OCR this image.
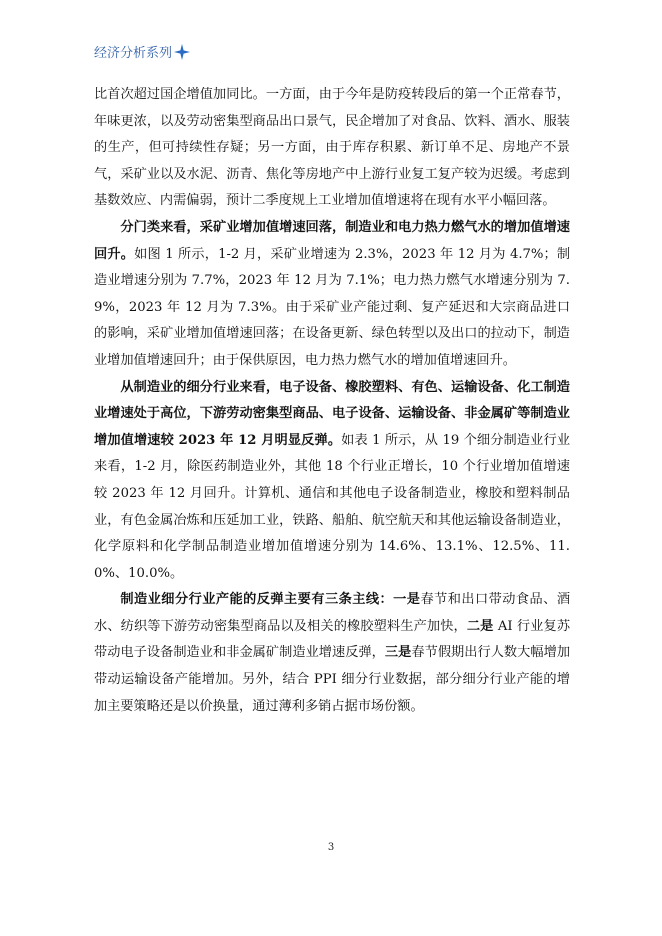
经济分析系列

比首次超过国企增值加同比。一方面，由于今年是防疫转段后的第一个正常春节，年味更浓，以及劳动密集型商品出口景气，民企增加了对食品、饮料、酒水、服装的生产，但可持续性存疑；另一方面，由于库存积累、新订单不足、房地产不景气，采矿业以及水泥、沥青、焦化等房地产中上游行业复工复产较为迟缓。考虑到基数效应、内需偏弱，预计二季度规上工业增加值增速将在现有水平小幅回落。

分门类来看，采矿业增加值增速回落，制造业和电力热力燃气水的增加值增速回升。如图 1 所示，1-2 月，采矿业增速为 2.3%，2023 年 12 月为 4.7%；制造业增速分别为 7.7%，2023 年 12 月为 7.1%；电力热力燃气水增速分别为 7.9%，2023 年 12 月为 7.3%。由于采矿业产能过剩、复产延迟和大宗商品进口的影响，采矿业增加值增速回落；在设备更新、绿色转型以及出口的拉动下，制造业增加值增速回升；由于保供原因，电力热力燃气水的增加值增速回升。

从制造业的细分行业来看，电子设备、橡胶塑料、有色、运输设备、化工制造业增速处于高位，下游劳动密集型商品、电子设备、运输设备、非金属矿等制造业增加值增速较 2023 年 12 月明显反弹。如表 1 所示，从 19 个细分制造业行业来看，1-2 月，除医药制造业外，其他 18 个行业正增长，10 个行业增加值增速较 2023 年 12 月回升。计算机、通信和其他电子设备制造业，橡胶和塑料制品业，有色金属冶炼和压延加工业，铁路、船舶、航空航天和其他运输设备制造业，化学原料和化学制品制造业增加值增速分别为 14.6%、13.1%、12.5%、11.0%、10.0%。

制造业细分行业产能的反弹主要有三条主线：一是春节和出口带动食品、酒水、纺织等下游劳动密集型商品以及相关的橡胶塑料生产加快，二是 AI 行业复苏带动电子设备制造业和非金属矿制造业增速反弹，三是春节假期出行人数大幅增加带动运输设备产能增加。另外，结合 PPI 细分行业数据，部分细分行业产能的增加主要策略还是以价换量，通过薄利多销占据市场份额。

3
